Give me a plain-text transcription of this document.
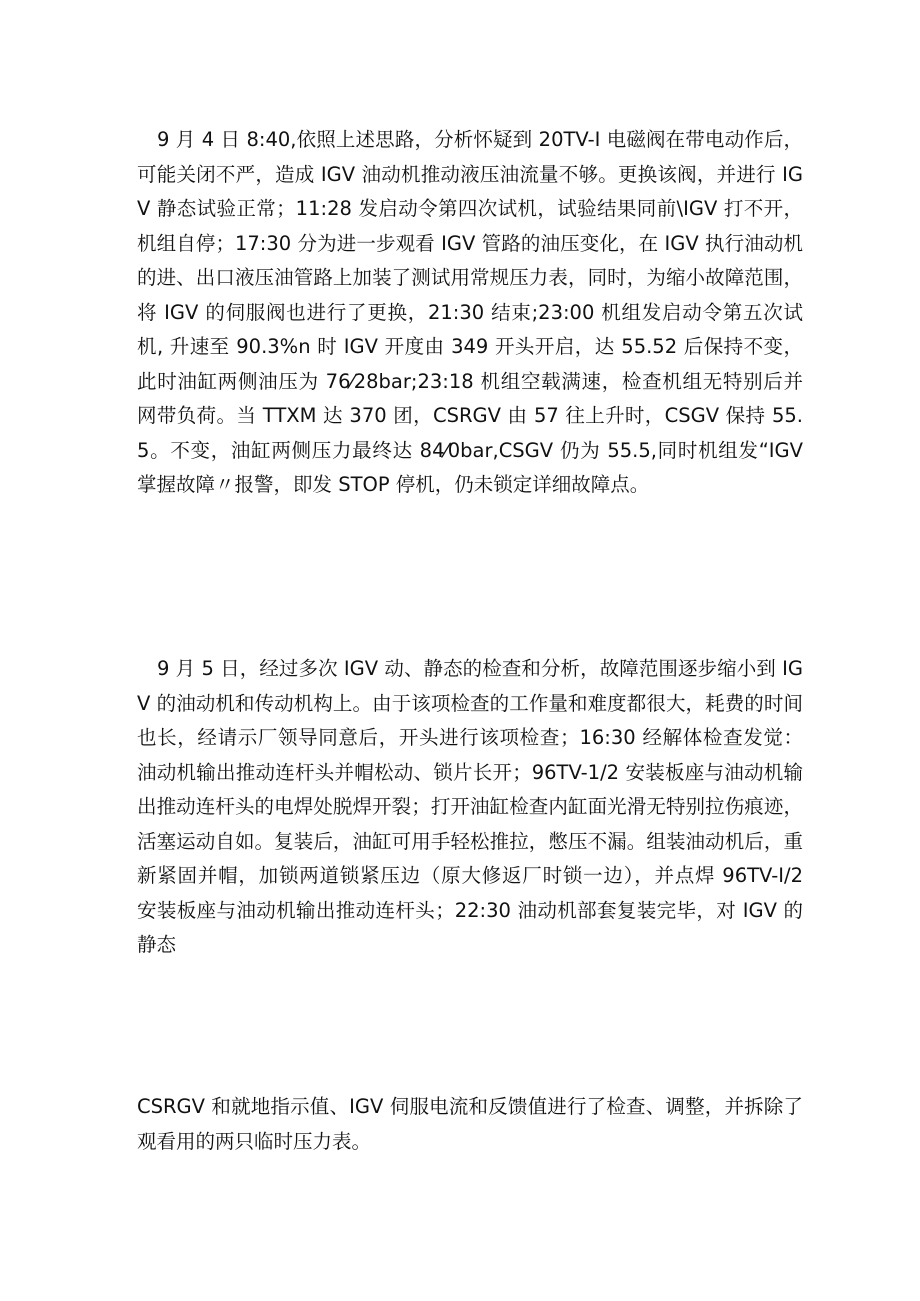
9 月 4 日 8:40,依照上述思路，分析怀疑到 20TV-I 电磁阀在带电动作后，可能关闭不严，造成 IGV 油动机推动液压油流量不够。更换该阀，并进行 IGV 静态试验正常；11:28 发启动令第四次试机，试验结果同前\IGV 打不开，机组自停；17:30 分为进一步观看 IGV 管路的油压变化，在 IGV 执行油动机的进、出口液压油管路上加装了测试用常规压力表，同时，为缩小故障范围，将 IGV 的伺服阀也进行了更换，21:30 结束;23:00 机组发启动令第五次试机, 升速至 90.3%n 时 IGV 开度由 349 开头开启，达 55.52 后保持不变，此时油缸两侧油压为 76⁄28bar;23:18 机组空载满速，检查机组无特别后并网带负荷。当 TTXM 达 370 团，CSRGV 由 57 往上升时，CSGV 保持 55.5。不变，油缸两侧压力最终达 84⁄0bar,CSGV 仍为 55.5,同时机组发“IGV 掌握故障〃报警，即发 STOP 停机，仍未锁定详细故障点。

9 月 5 日，经过多次 IGV 动、静态的检查和分析，故障范围逐步缩小到 IGV 的油动机和传动机构上。由于该项检查的工作量和难度都很大，耗费的时间也长，经请示厂领导同意后，开头进行该项检查；16:30 经解体检查发觉：油动机输出推动连杆头并帽松动、锁片长开；96TV-1/2 安装板座与油动机输出推动连杆头的电焊处脱焊开裂；打开油缸检查内缸面光滑无特别拉伤痕迹，活塞运动自如。复装后，油缸可用手轻松推拉，憋压不漏。组装油动机后，重新紧固并帽，加锁两道锁紧压边（原大修返厂时锁一边），并点焊 96TV-I/2 安装板座与油动机输出推动连杆头；22:30 油动机部套复装完毕，对 IGV 的静态

CSRGV 和就地指示值、IGV 伺服电流和反馈值进行了检查、调整，并拆除了观看用的两只临时压力表。
